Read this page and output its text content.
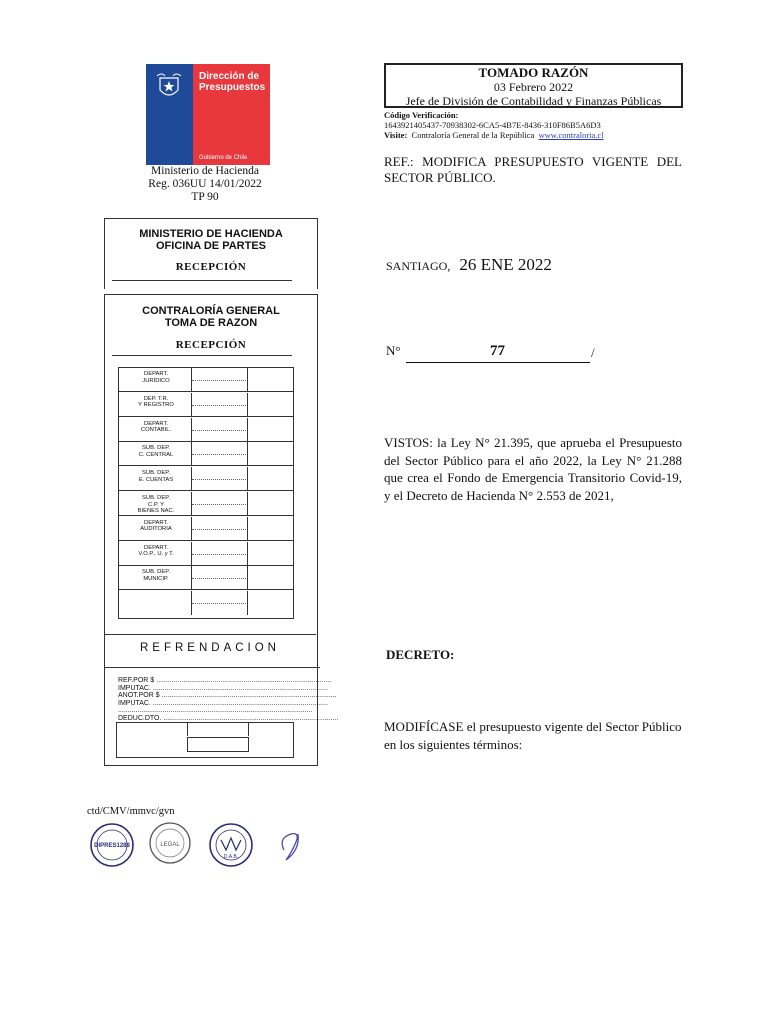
Dirección de
Presupuestos
Gobierno de Chile
Ministerio de Hacienda
Reg. 036UU 14/01/2022
TP 90
TOMADO RAZÓN
03 Febrero 2022
Jefe de División de Contabilidad y Finanzas Públicas
Código Verificación:
1643921405437-70938302-6CA5-4B7E-8436-310F86B5A6D3
Visite: Contraloría General de la República www.contraloria.cl
REF.: MODIFICA PRESUPUESTO VIGENTE DEL SECTOR PÚBLICO.
SANTIAGO, 26 ENE 2022
N°	77	/
VISTOS: la Ley N° 21.395, que aprueba el Presupuesto del Sector Público para el año 2022, la Ley N° 21.288 que crea el Fondo de Emergencia Transitorio Covid-19, y el Decreto de Hacienda N° 2.553 de 2021,
DECRETO:
MODIFÍCASE el presupuesto vigente del Sector Público en los siguientes términos:
MINISTERIO DE HACIENDA
OFICINA DE PARTES
RECEPCIÓN
CONTRALORÍA GENERAL
TOMA DE RAZON
RECEPCIÓN
DEPART.
JURÍDICO
DEP. T.R.
Y REGISTRO
DEPART.
CONTABIL.
SUB. DEP.
C. CENTRAL
SUB. DEP.
E. CUENTAS
SUB. DEP.
C.P. Y
BIENES NAC.
DEPART.
AUDITORIA
DEPART.
V.O.P., U. y T.
SUB. DEP.
MUNICIP.
REFRENDACION
REF.POR $ ..........................................................................................
IMPUTAC. ..........................................................................................
ANOT.POR $ ..........................................................................................
IMPUTAC. ..........................................................................................
....................................................................................................
DEDUC.DTO. ..........................................................................................
ctd/CMV/mmvc/gvn
DIPRES1288	LEGAL
D.A.B.
